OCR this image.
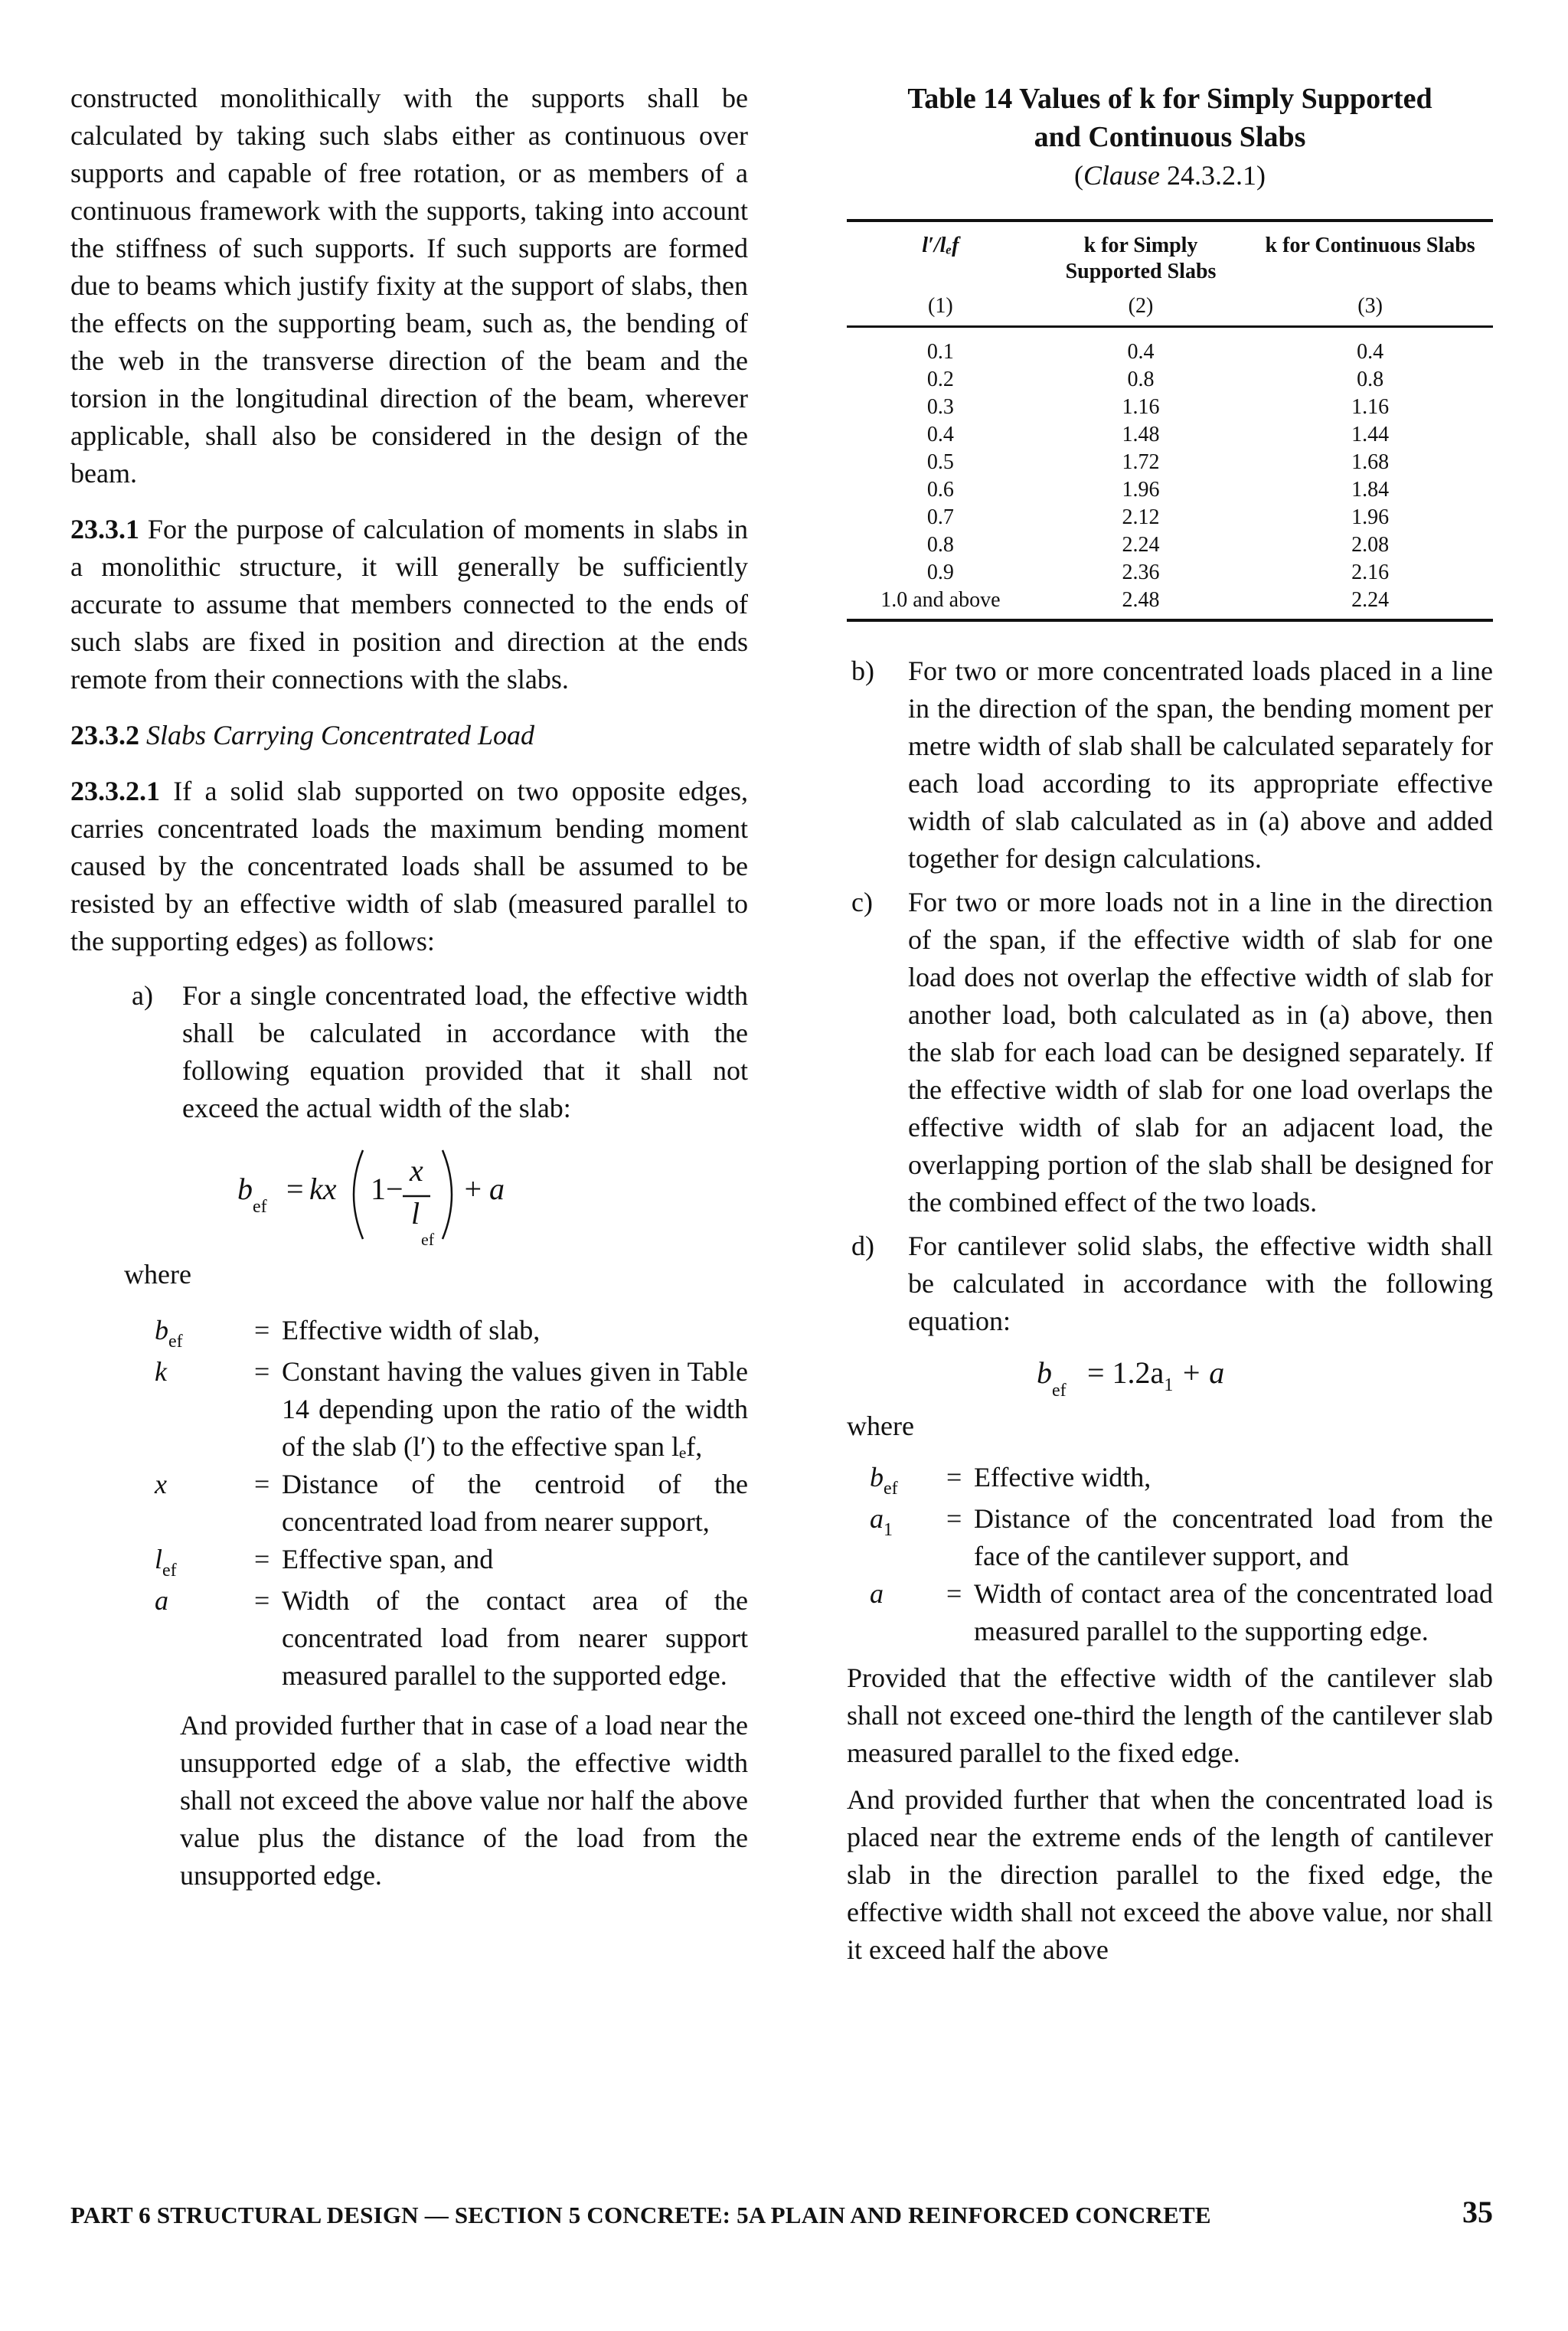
constructed monolithically with the supports shall be calculated by taking such slabs either as continuous over supports and capable of free rotation, or as members of a continuous framework with the supports, taking into account the stiffness of such supports. If such supports are formed due to beams which justify fixity at the support of slabs, then the effects on the supporting beam, such as, the bending of the web in the transverse direction of the beam and the torsion in the longitudinal direction of the beam, wherever applicable, shall also be considered in the design of the beam.

23.3.1 For the purpose of calculation of moments in slabs in a monolithic structure, it will generally be sufficiently accurate to assume that members connected to the ends of such slabs are fixed in position and direction at the ends remote from their connections with the slabs.

23.3.2 Slabs Carrying Concentrated Load

23.3.2.1 If a solid slab supported on two opposite edges, carries concentrated loads the maximum bending moment caused by the concentrated loads shall be assumed to be resisted by an effective width of slab (measured parallel to the supporting edges) as follows:

a) For a single concentrated load, the effective width shall be calculated in accordance with the following equation provided that it shall not exceed the actual width of the slab:

b
ef
= kx 1−
x
l
ef
+ a

where

$b_{ef}$	=	Effective width of slab,
k	=	Constant having the values given in Table 14 depending upon the ratio of the width of the slab (l′) to the effective span lₑf,
x	=	Distance of the centroid of the concentrated load from nearer support,
$l_{ef}$	=	Effective span, and
a	=	Width of the contact area of the concentrated load from nearer support measured parallel to the supported edge.

And provided further that in case of a load near the unsupported edge of a slab, the effective width shall not exceed the above value nor half the above value plus the distance of the load from the unsupported edge.

Table 14 Values of k for Simply Supported
and Continuous Slabs
(Clause 24.3.2.1)
l′/lₑf	k for Simply Supported Slabs	k for Continuous Slabs
(1)	(2)	(3)
0.1	0.4	0.4
0.2	0.8	0.8
0.3	1.16	1.16
0.4	1.48	1.44
0.5	1.72	1.68
0.6	1.96	1.84
0.7	2.12	1.96
0.8	2.24	2.08
0.9	2.36	2.16
1.0 and above	2.48	2.24
b) For two or more concentrated loads placed in a line in the direction of the span, the bending moment per metre width of slab shall be calculated separately for each load according to its appropriate effective width of slab calculated as in (a) above and added together for design calculations.

c) For two or more loads not in a line in the direction of the span, if the effective width of slab for one load does not overlap the effective width of slab for another load, both calculated as in (a) above, then the slab for each load can be designed separately. If the effective width of slab for one load overlaps the effective width of slab for an adjacent load, the overlapping portion of the slab shall be designed for the combined effect of the two loads.

d) For cantilever solid slabs, the effective width shall be calculated in accordance with the following equation:

b
ef
= $1.2a_1 + a$

where

$b_{ef}$	=	Effective width,
$a_1$	=	Distance of the concentrated load from the face of the cantilever support, and
a	=	Width of contact area of the concentrated load measured parallel to the supporting edge.

Provided that the effective width of the cantilever slab shall not exceed one-third the length of the cantilever slab measured parallel to the fixed edge.

And provided further that when the concentrated load is placed near the extreme ends of the length of cantilever slab in the direction parallel to the fixed edge, the effective width shall not exceed the above value, nor shall it exceed half the above

PART 6 STRUCTURAL DESIGN — SECTION 5 CONCRETE: 5A PLAIN AND REINFORCED CONCRETE	35
